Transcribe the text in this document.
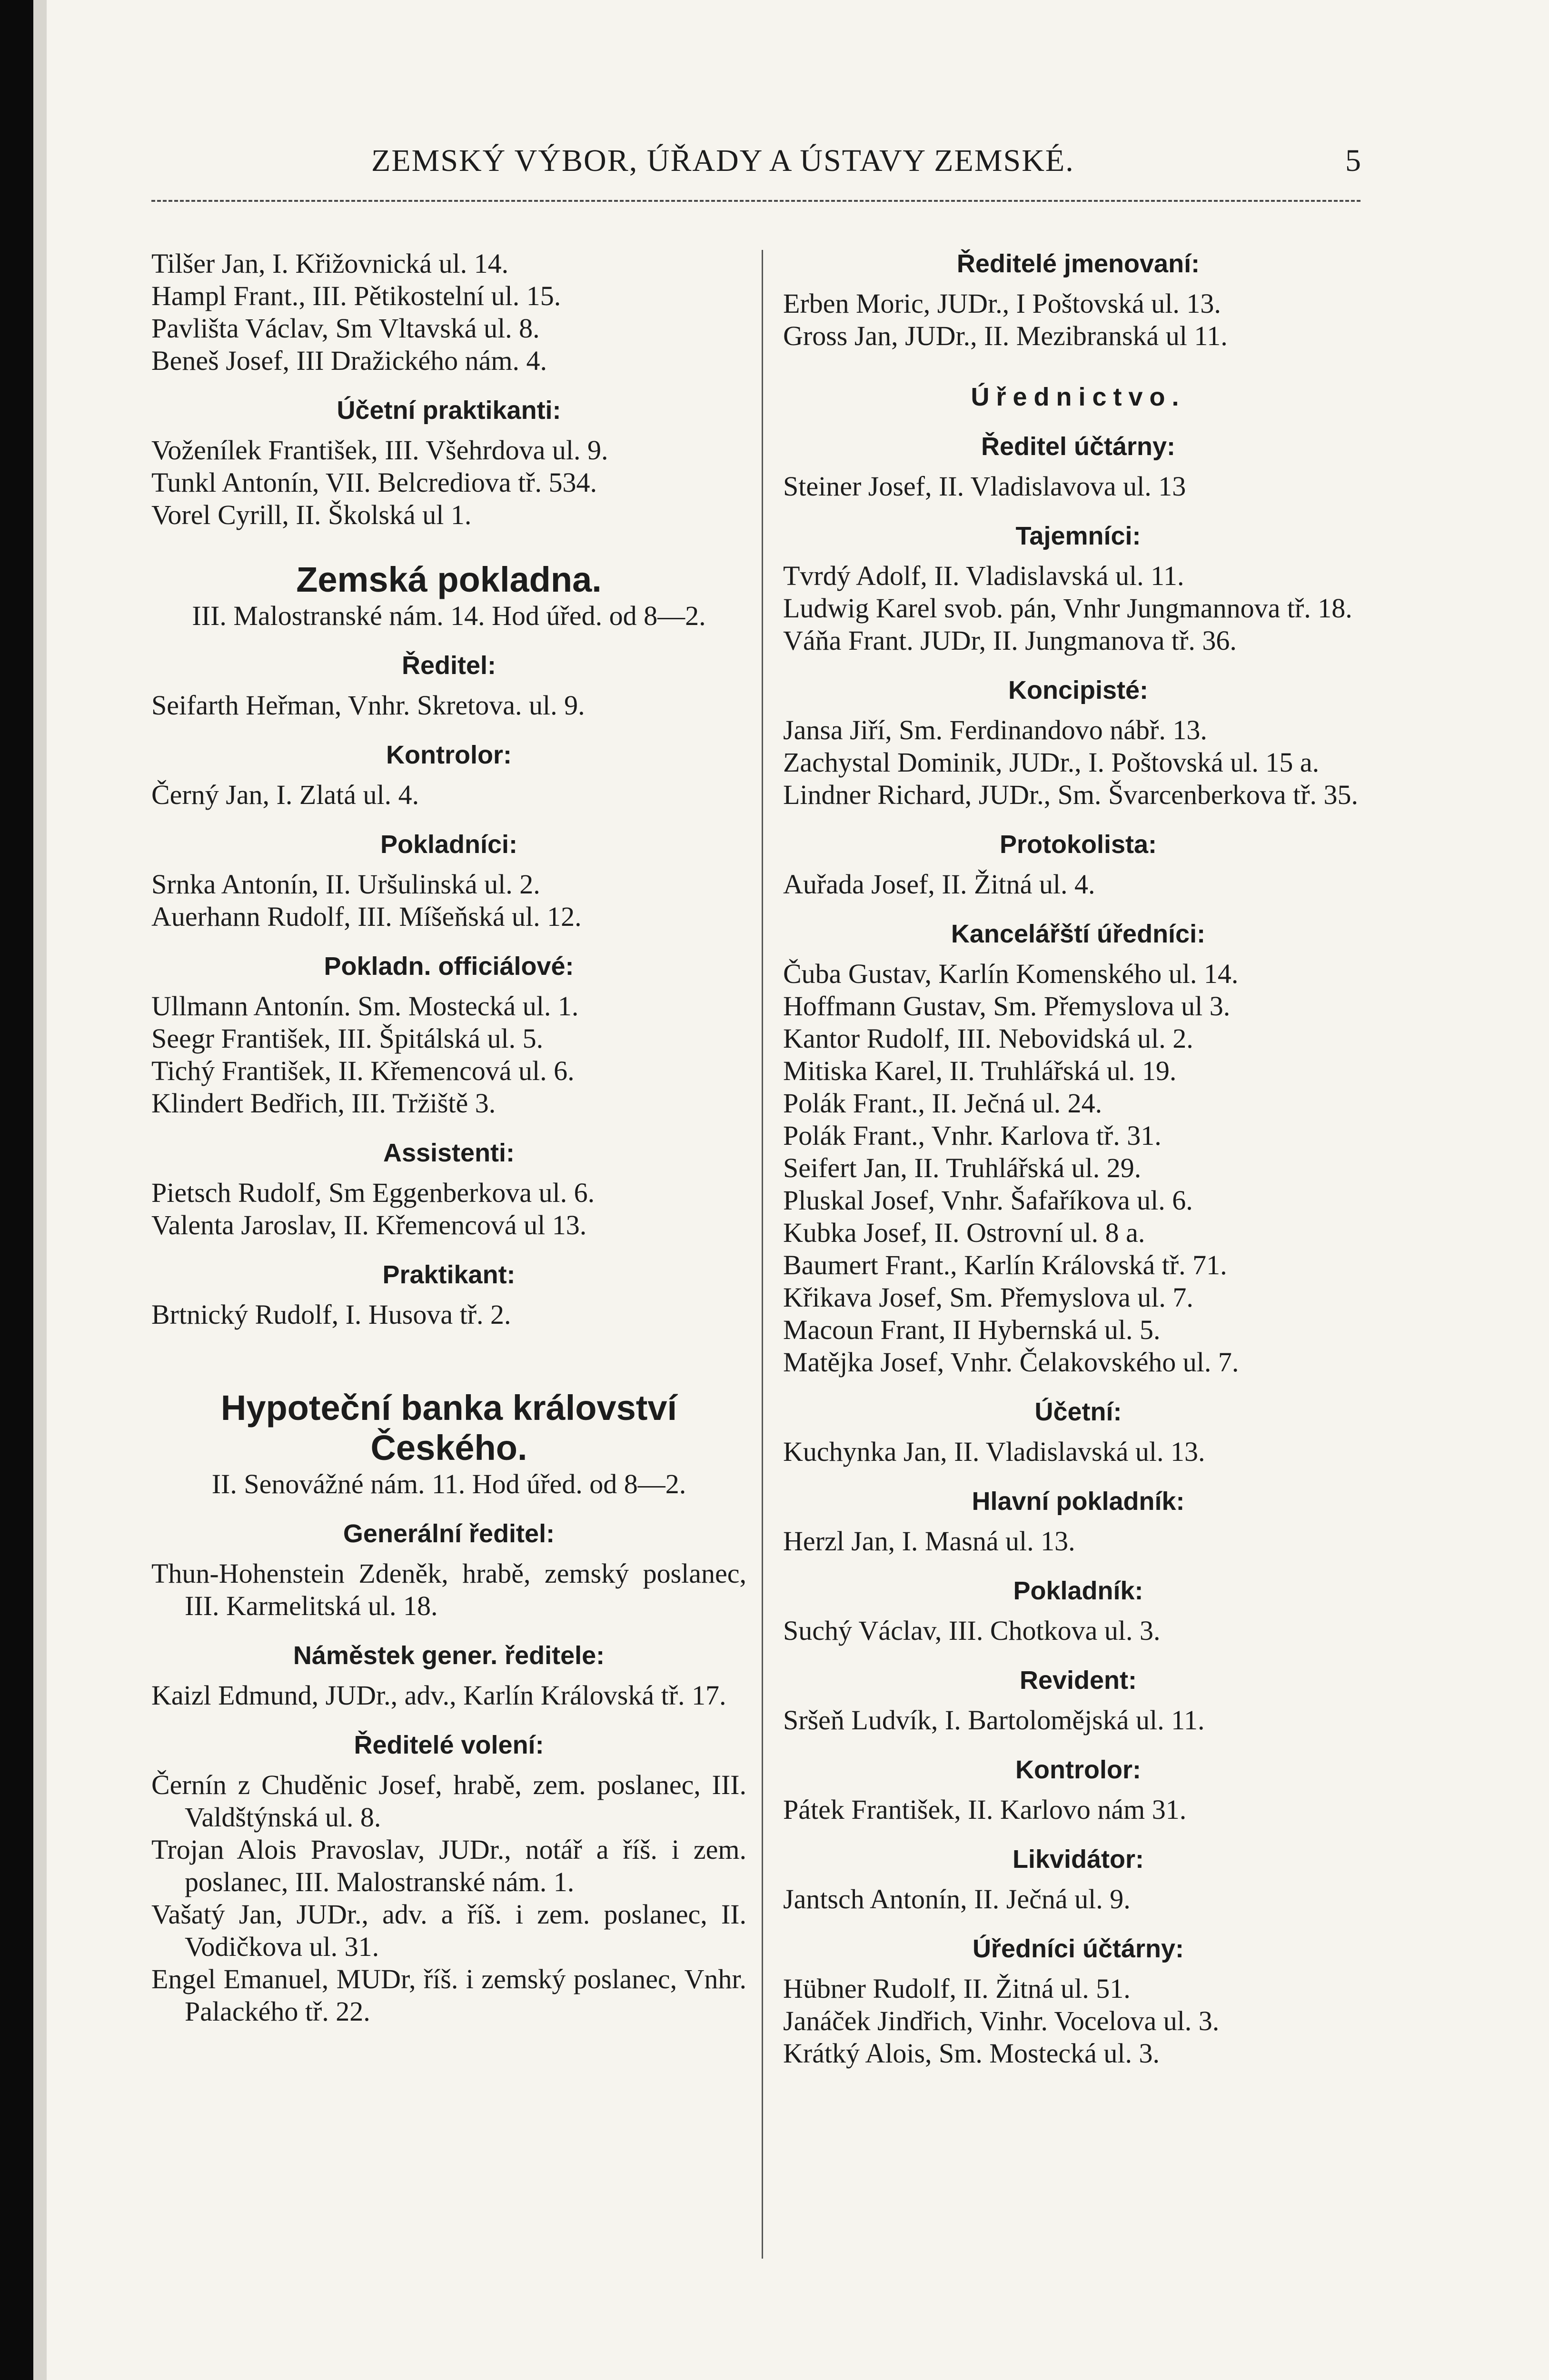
ZEMSKÝ VÝBOR, ÚŘADY A ÚSTAVY ZEMSKÉ.	5
Tilšer Jan, I. Křižovnická ul. 14.
Hampl Frant., III. Pětikostelní ul. 15.
Pavlišta Václav, Sm Vltavská ul. 8.
Beneš Josef, III Dražického nám. 4.
Účetní praktikanti:
Voženílek František, III. Všehrdova ul. 9.
Tunkl Antonín, VII. Belcrediova tř. 534.
Vorel Cyrill, II. Školská ul 1.
Zemská pokladna.
III. Malostranské nám. 14. Hod úřed. od 8—2.
Ředitel:
Seifarth Heřman, Vnhr. Skretova. ul. 9.
Kontrolor:
Černý Jan, I. Zlatá ul. 4.
Pokladníci:
Srnka Antonín, II. Uršulinská ul. 2.
Auerhann Rudolf, III. Míšeňská ul. 12.
Pokladn. officiálové:
Ullmann Antonín. Sm. Mostecká ul. 1.
Seegr František, III. Špitálská ul. 5.
Tichý František, II. Křemencová ul. 6.
Klindert Bedřich, III. Tržiště 3.
Assistenti:
Pietsch Rudolf, Sm Eggenberkova ul. 6.
Valenta Jaroslav, II. Křemencová ul 13.
Praktikant:
Brtnický Rudolf, I. Husova tř. 2.
Hypoteční banka království Českého.
II. Senovážné nám. 11. Hod úřed. od 8—2.
Generální ředitel:
Thun-Hohenstein Zdeněk, hrabě, zemský poslanec, III. Karmelitská ul. 18.
Náměstek gener. ředitele:
Kaizl Edmund, JUDr., adv., Karlín Královská tř. 17.
Ředitelé volení:
Černín z Chuděnic Josef, hrabě, zem. poslanec, III. Valdštýnská ul. 8.
Trojan Alois Pravoslav, JUDr., notář a říš. i zem. poslanec, III. Malostranské nám. 1.
Vašatý Jan, JUDr., adv. a říš. i zem. poslanec, II. Vodičkova ul. 31.
Engel Emanuel, MUDr, říš. i zemský poslanec, Vnhr. Palackého tř. 22.
Ředitelé jmenovaní:
Erben Moric, JUDr., I Poštovská ul. 13.
Gross Jan, JUDr., II. Mezibranská ul 11.
Úřednictvo.
Ředitel účtárny:
Steiner Josef, II. Vladislavova ul. 13
Tajemníci:
Tvrdý Adolf, II. Vladislavská ul. 11.
Ludwig Karel svob. pán, Vnhr Jungmannova tř. 18.
Váňa Frant. JUDr, II. Jungmanova tř. 36.
Koncipisté:
Jansa Jiří, Sm. Ferdinandovo nábř. 13.
Zachystal Dominik, JUDr., I. Poštovská ul. 15 a.
Lindner Richard, JUDr., Sm. Švarcenberkova tř. 35.
Protokolista:
Auřada Josef, II. Žitná ul. 4.
Kancelářští úředníci:
Čuba Gustav, Karlín Komenského ul. 14.
Hoffmann Gustav, Sm. Přemyslova ul 3.
Kantor Rudolf, III. Nebovidská ul. 2.
Mitiska Karel, II. Truhlářská ul. 19.
Polák Frant., II. Ječná ul. 24.
Polák Frant., Vnhr. Karlova tř. 31.
Seifert Jan, II. Truhlářská ul. 29.
Pluskal Josef, Vnhr. Šafaříkova ul. 6.
Kubka Josef, II. Ostrovní ul. 8 a.
Baumert Frant., Karlín Královská tř. 71.
Křikava Josef, Sm. Přemyslova ul. 7.
Macoun Frant, II Hybernská ul. 5.
Matějka Josef, Vnhr. Čelakovského ul. 7.
Účetní:
Kuchynka Jan, II. Vladislavská ul. 13.
Hlavní pokladník:
Herzl Jan, I. Masná ul. 13.
Pokladník:
Suchý Václav, III. Chotkova ul. 3.
Revident:
Sršeň Ludvík, I. Bartolomějská ul. 11.
Kontrolor:
Pátek František, II. Karlovo nám 31.
Likvidátor:
Jantsch Antonín, II. Ječná ul. 9.
Úředníci účtárny:
Hübner Rudolf, II. Žitná ul. 51.
Janáček Jindřich, Vinhr. Vocelova ul. 3.
Krátký Alois, Sm. Mostecká ul. 3.
